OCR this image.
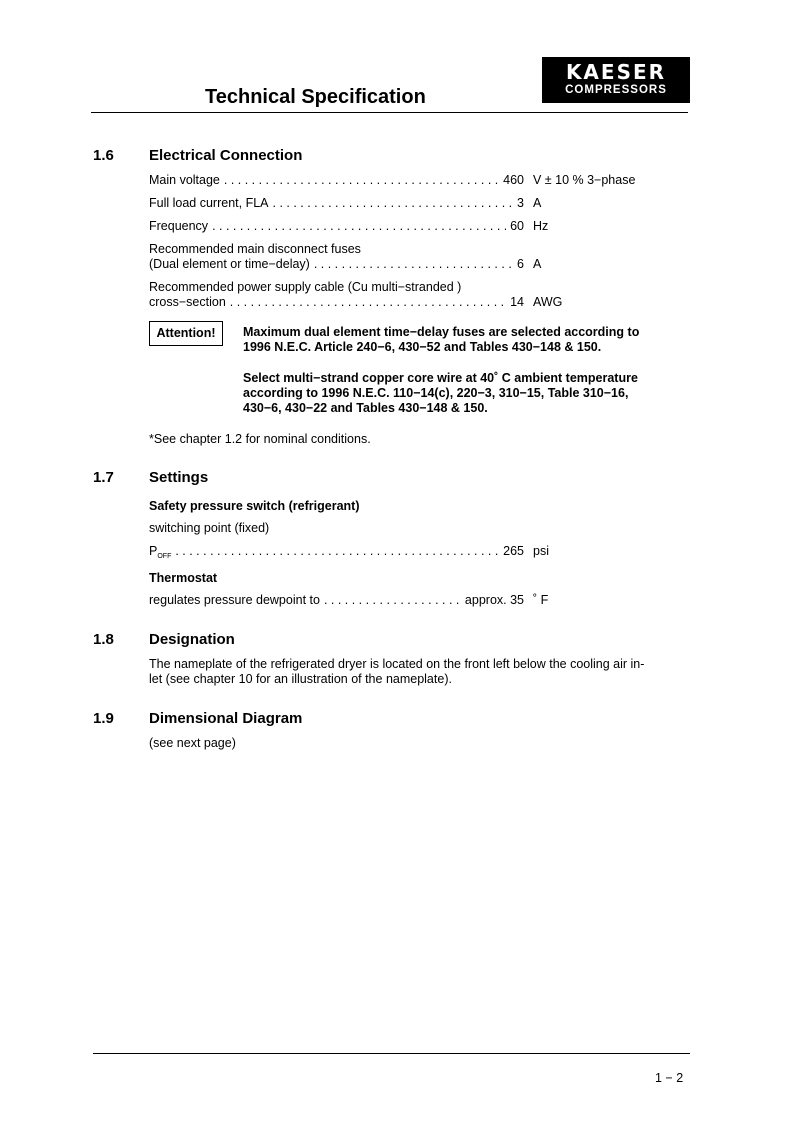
Technical Specification
KAESER
COMPRESSORS
1.6 Electrical Connection
Main voltage . . .	460 V ± 10 % 3−phase
Full load current, FLA . . .	3 A
Frequency . . .	60 Hz
Recommended main disconnect fuses
(Dual element or time−delay) . . .	6 A
Recommended power supply cable (Cu multi−stranded )
cross−section . . .	14 AWG
Attention!	Maximum dual element time−delay fuses are selected according to
1996 N.E.C. Article 240−6, 430−52 and Tables 430−148 & 150.
Select multi−strand copper core wire at 40˚ C ambient temperature
according to 1996 N.E.C. 110−14(c), 220−3, 310−15, Table 310−16,
430−6, 430−22 and Tables 430−148 & 150.
*See chapter 1.2 for nominal conditions.
1.7 Settings
Safety pressure switch (refrigerant)
switching point (fixed)
$P_{OFF}$ . . .	265 psi
Thermostat
regulates pressure dewpoint to . . .	approx. 35 ˚ F
1.8 Designation
The nameplate of the refrigerated dryer is located on the front left below the cooling air in-
let (see chapter 10 for an illustration of the nameplate).
1.9 Dimensional Diagram
(see next page)
1 − 2
